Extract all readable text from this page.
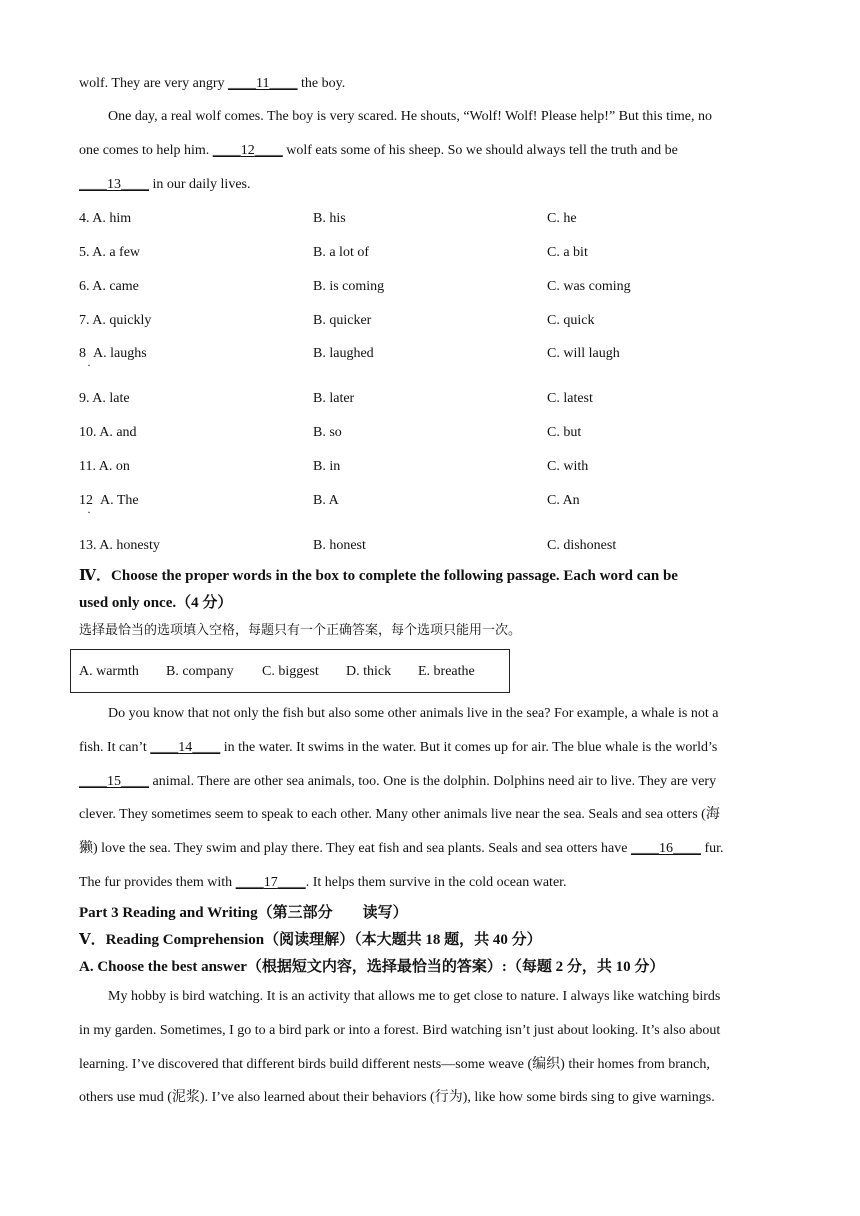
wolf. They are very angry ____11____ the boy.
One day, a real wolf comes. The boy is very scared. He shouts, “Wolf! Wolf! Please help!” But this time, no
one comes to help him. ____12____ wolf eats some of his sheep. So we should always tell the truth and be
____13____ in our daily lives.
4. A. him	B. his	C. he
5. A. a few	B. a lot of	C. a bit
6. A. came	B. is coming	C. was coming
7. A. quickly	B. quicker	C. quick
8 · A. laughs	B. laughed	C. will laugh
9. A. late	B. later	C. latest
10. A. and	B. so	C. but
11. A. on	B. in	C. with
12 · A. The	B. A	C. An
13. A. honesty	B. honest	C. dishonest
Ⅳ．Choose the proper words in the box to complete the following passage. Each word can be
used only once.（4 分）
选择最恰当的选项填入空格，每题只有一个正确答案，每个选项只能用一次。
A. warmth B. company C. biggest D. thick E. breathe
Do you know that not only the fish but also some other animals live in the sea? For example, a whale is not a
fish. It can’t ____14____ in the water. It swims in the water. But it comes up for air. The blue whale is the world’s
____15____ animal. There are other sea animals, too. One is the dolphin. Dolphins need air to live. They are very
clever. They sometimes seem to speak to each other. Many other animals live near the sea. Seals and sea otters (海
獭) love the sea. They swim and play there. They eat fish and sea plants. Seals and sea otters have ____16____ fur.
The fur provides them with ____17____. It helps them survive in the cold ocean water.
Part 3 Reading and Writing（第三部分　　读写）
Ⅴ．Reading Comprehension（阅读理解）（本大题共 18 题，共 40 分）
A. Choose the best answer（根据短文内容，选择最恰当的答案）:（每题 2 分，共 10 分）
My hobby is bird watching. It is an activity that allows me to get close to nature. I always like watching birds
in my garden. Sometimes, I go to a bird park or into a forest. Bird watching isn’t just about looking. It’s also about
learning. I’ve discovered that different birds build different nests—some weave (编织) their homes from branch,
others use mud (泥浆). I’ve also learned about their behaviors (行为), like how some birds sing to give warnings.
